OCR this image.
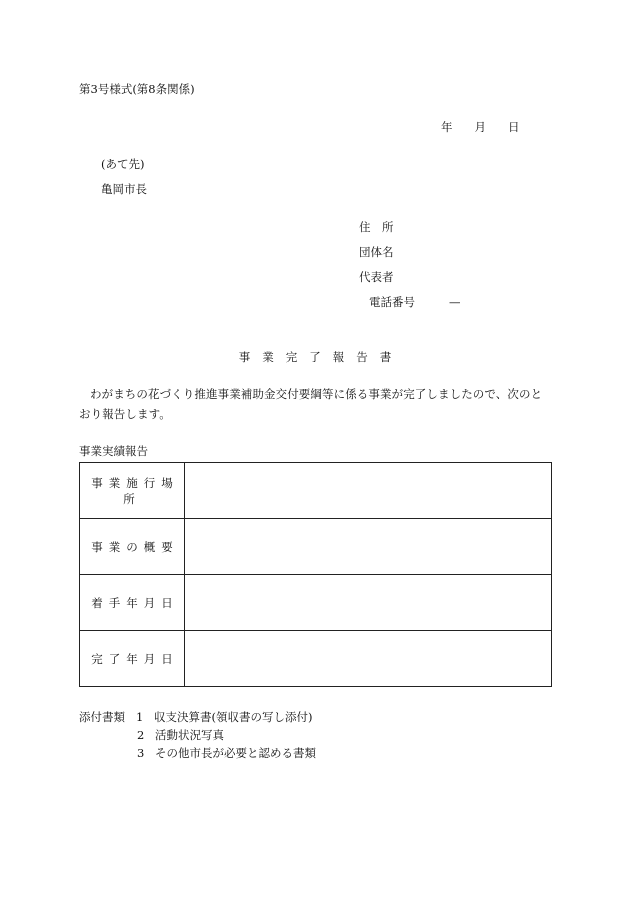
第3号様式(第8条関係)
年 月 日
(あて先)
亀岡市長
住　所
団体名
代表者
電話番号	—
事業完了報告書
わがまちの花づくり推進事業補助金交付要綱等に係る事業が完了しましたので、次のとおり報告します。
事業実績報告
事業施行場所	
事業の概要	
着手年月日	
完了年月日	
添付書類 1 収支決算書(領収書の写し添付)
2 活動状況写真
3 その他市長が必要と認める書類
